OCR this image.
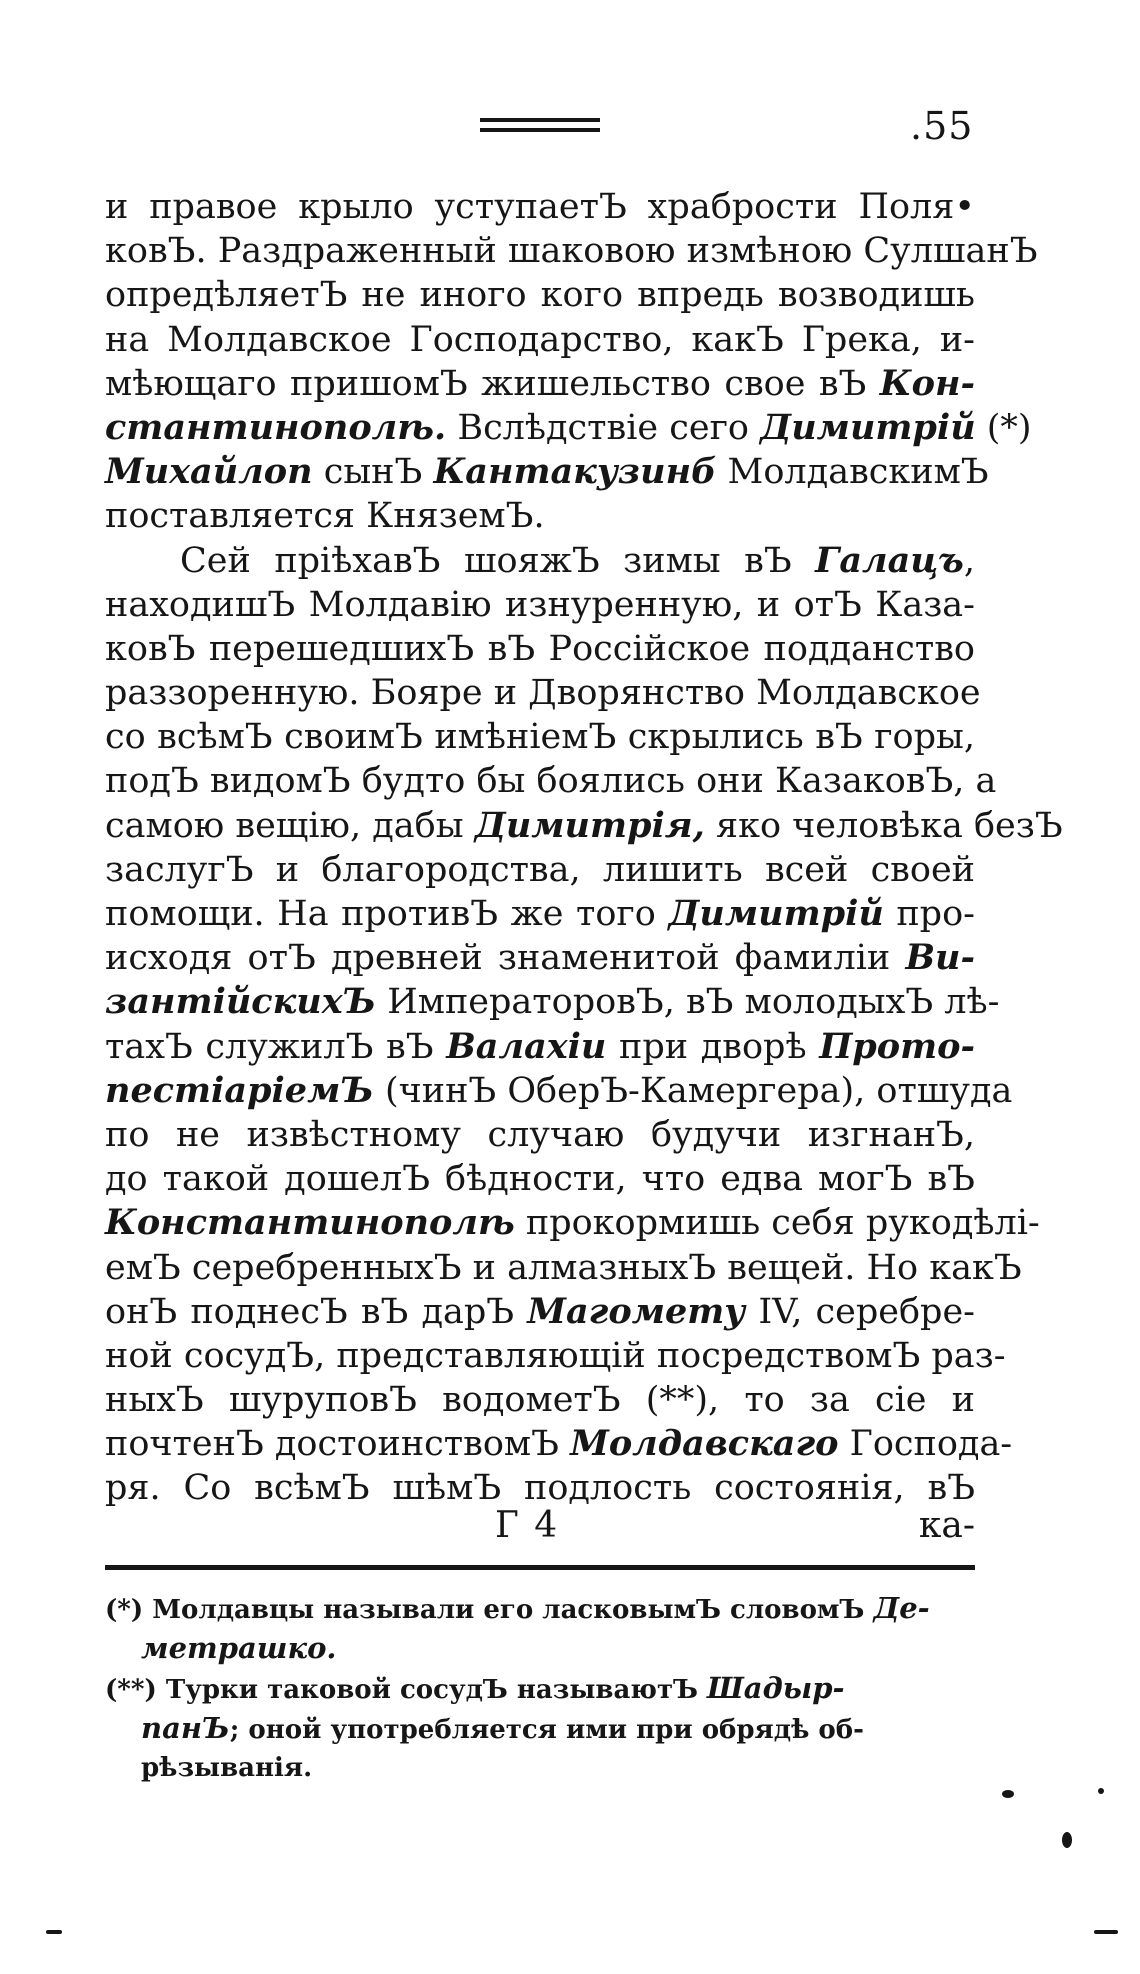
.55
и правое крыло уступаетЪ храбрости Поля•
ковЪ. Раздраженный шаковою измѣною СулшанЪ
опредѣляетЪ не иного кого впредь возводишь
на Молдавское Господарство, какЪ Грека, и-
мѣющаго пришомЪ жишельство свое вЪ Кон-
стантинополѣ. Вслѣдствіе сего Димитрій (*)
Михайлоп сынЪ Кантакузинб МолдавскимЪ
поставляется КняземЪ.
Сей пріѣхавЪ шояжЪ зимы вЪ Галацъ,
находишЪ Молдавію изнуренную, и отЪ Каза-
ковЪ перешедшихЪ вЪ Россійское подданство
раззоренную. Бояре и Дворянство Молдавское
со всѣмЪ своимЪ имѣніемЪ скрылись вЪ горы,
подЪ видомЪ будто бы боялись они КазаковЪ, а
самою вещію, дабы Димитрія, яко человѣка безЪ
заслугЪ и благородства, лишить всей своей
помощи. На противЪ же того Димитрій про-
исходя отЪ древней знаменитой фамиліи Ви-
зантійскихЪ ИмператоровЪ, вЪ молодыхЪ лѣ-
тахЪ служилЪ вЪ Валахіи при дворѣ Прото-
пестіаріемЪ (чинЪ ОберЪ-Камергера), отшуда
по не извѣстному случаю будучи изгнанЪ,
до такой дошелЪ бѣдности, что едва могЪ вЪ
Константинополѣ прокормишь себя рукодѣлі-
емЪ серебренныхЪ и алмазныхЪ вещей. Но какЪ
онЪ поднесЪ вЪ дарЪ Магомету IV, серебре-
ной сосудЪ, представляющій посредствомЪ раз-
ныхЪ шуруповЪ водометЪ (**), то за сіе и
почтенЪ достоинствомЪ Молдавскаго Господа-
ря. Со всѣмЪ шѣмЪ подлость состоянія, вЪ
Г 4	ка-
(*) Молдавцы называли его ласковымЪ словомЪ Де-
метрашко.
(**) Турки таковой сосудЪ называютЪ Шадыр-
панЪ; оной употребляется ими при обрядѣ об-
рѣзыванія.
